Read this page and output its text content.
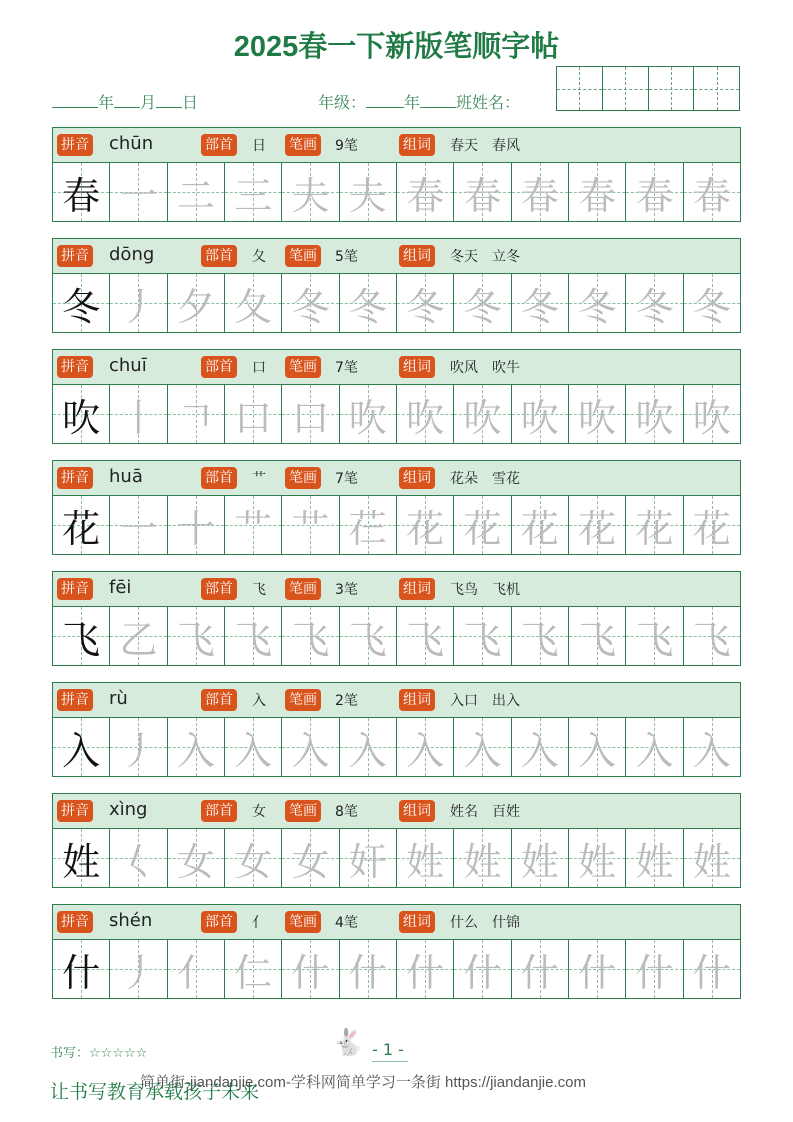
2025春一下新版笔顺字帖
年 月 日	年级： 年 班姓名：
拼音 chūn	部首 日 笔画 9笔	组词 春天　春风
春 一 二 三 夫 夫 春 春 春 春 春 春
拼音 dōng	部首 夂 笔画 5笔	组词 冬天　立冬
冬 丿 夕 夂 冬 冬 冬 冬 冬 冬 冬 冬
拼音 chuī	部首 口 笔画 7笔	组词 吹风　吹牛
吹 丨 𠃍 口 口 吹 吹 吹 吹 吹 吹 吹
拼音 huā	部首 艹 笔画 7笔	组词 花朵　雪花
花 一 十 艹 艹 芢 花 花 花 花 花 花
拼音 fēi	部首 飞 笔画 3笔	组词 飞鸟　飞机
飞 乙 飞 飞 飞 飞 飞 飞 飞 飞 飞 飞
拼音 rù	部首 入 笔画 2笔	组词 入口　出入
入 丿 入 入 入 入 入 入 入 入 入 入
拼音 xìng	部首 女 笔画 8笔	组词 姓名　百姓
姓 𡿨 女 女 女 奸 姓 姓 姓 姓 姓 姓
拼音 shén	部首 亻 笔画 4笔	组词 什么　什锦
什 丿 亻 仁 什 什 什 什 什 什 什 什
书写：☆☆☆☆☆	🐇 - 1 -
让书写教育承载孩子未来
简单街-jiandanjie.com-学科网简单学习一条街 https://jiandanjie.com
